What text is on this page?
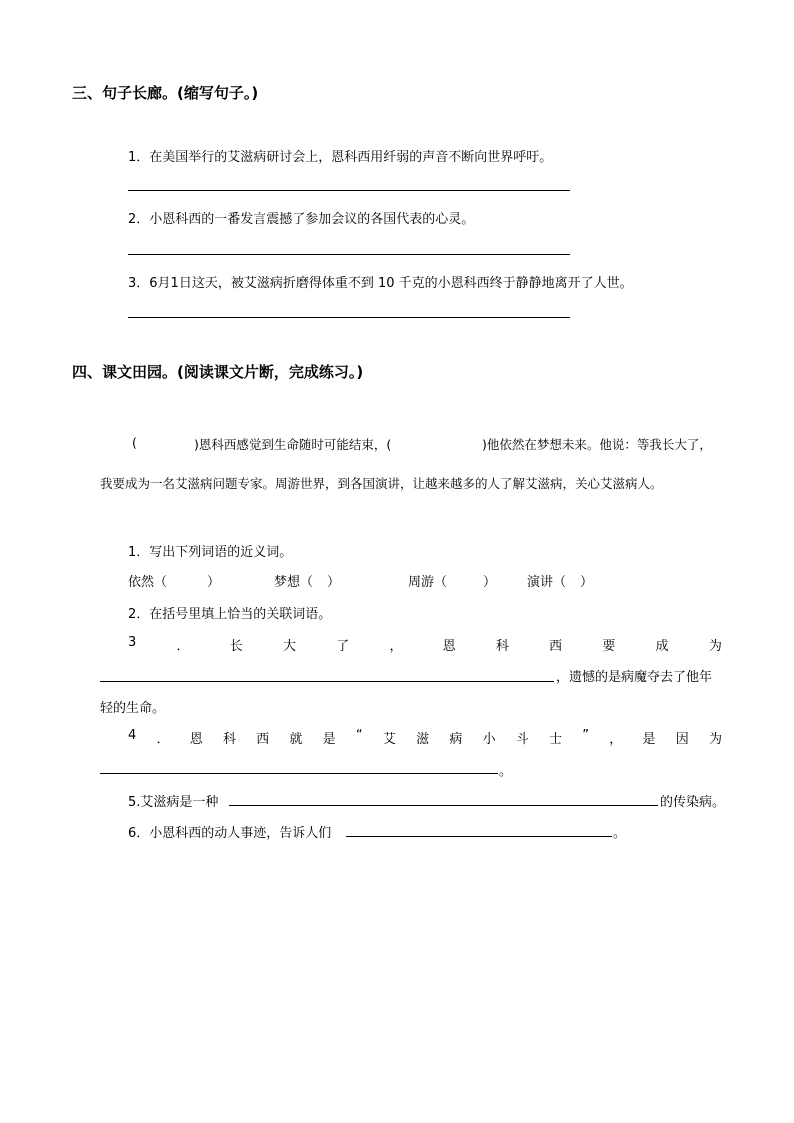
三、句子长廊。(缩写句子。)
1．在美国举行的艾滋病研讨会上，恩科西用纤弱的声音不断向世界呼吁。
2．小恩科西的一番发言震撼了参加会议的各国代表的心灵。
3．6月1日这天，被艾滋病折磨得体重不到 10 千克的小恩科西终于静静地离开了人世。
四、课文田园。(阅读课文片断，完成练习。)
(	)恩科西感觉到生命随时可能结束，(	)他依然在梦想未来。他说：等我长大了，
我要成为一名艾滋病问题专家。周游世界，到各国演讲，让越来越多的人了解艾滋病，关心艾滋病人。
1．写出下列词语的近义词。
依然（	）	梦想（ ）	周游（	） 演讲（ ）
2．在括号里填上恰当的关联词语。
3	．	长	大	了	，	恩	科	西	要	成	为
，遗憾的是病魔夺去了他年
轻的生命。
4 ． 恩 科 西 就 是 “ 艾 滋 病 小 斗 士 ” ， 是 因 为
。
5.艾滋病是一种	的传染病。
6．小恩科西的动人事迹，告诉人们	。
